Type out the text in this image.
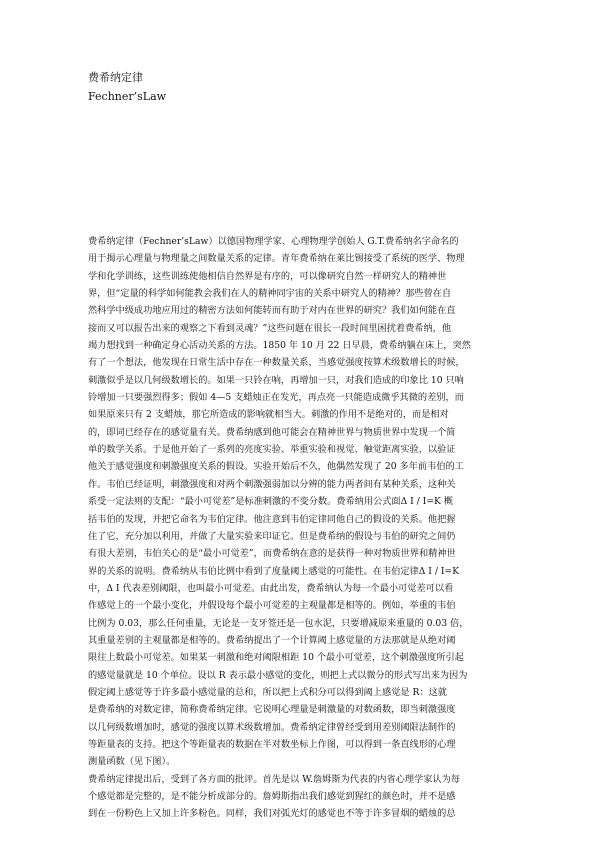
费希纳定律
Fechner’sLaw
费希纳定律（Fechner’sLaw）以德国物理学家、心理物理学创始人 G.T.费希纳名字命名的
用于揭示心理量与物理量之间数量关系的定律。青年费希纳在莱比锡接受了系统的医学、物理
学和化学训练，这些训练使他相信自然界是有序的，可以像研究自然一样研究人的精神世
界，但“定量的科学如何能教会我们在人的精神同宇宙的关系中研究人的精神？那些曾在自
然科学中级成功地应用过的精密方法如何能转而有助于对内在世界的研究？我们如何能在直
接而又可以报告出来的观察之下看到灵魂？”这些问题在很长一段时间里困扰着费希纳，他
竭力想找到一种确定身心活动关系的方法。1850 年 10 月 22 日早晨，费希纳躺在床上，突然
有了一个想法，他发现在日常生活中存在一种数量关系，当感觉强度按算术级数增长的时候，
刺激似乎是以几何级数增长的。如果一只铃在响，再增加一只，对我们造成的印象比 10 只响
铃增加一只要强烈得多；假如 4—5 支蜡烛正在发光，再点亮一只能造成微乎其微的差别，而
如果原来只有 2 支蜡烛，那它所造成的影响就相当大。刺激的作用不是绝对的，而是相对
的，即词已经存在的感觉量有关。费希纳感到他可能会在精神世界与物质世界中发现一个简
单的数学关系。于是他开始了一系列的亮度实验、举重实验和视觉、触觉距离实验，以验证
他关于感觉强度和刺激强度关系的假设。实验开始后不久，他偶然发现了 20 多年前韦伯的工
作。韦伯已经证明，刺激强度和对两个刺激强弱加以分辨的能力两者间有某种关系，这种关
系受一定法则的支配：“最小可觉差”是标准刺激的不变分数。费希纳用公式面Δ I / I=K 概
括韦伯的发现，并把它命名为韦伯定律。他注意到韦伯定律同他自己的假设的关系。他把握
住了它，充分加以利用，并做了大量实验来印证它。但是费希纳的假设与韦伯的研究之间仍
有很大差别，韦伯关心的是“最小可觉差”，而费希纳在意的是获得一种对物质世界和精神世
界的关系的说明。费希纳从韦伯比例中看到了度量阈上感觉的可能性。在韦伯定律Δ I / I=K
中，Δ I 代表差别阈限，也叫最小可觉差。由此出发，费希纳认为每一个最小可觉差可以看
作感觉上的一个最小变化，并假设每个最小可觉差的主观量都是相等的。例如，举重的韦伯
比例为 0.03，那么任何重量，无论是一支牙签还是一包水泥，只要增减原来重量的 0.03 倍，
其重量差别的主观量都是相等的。费希纳提出了一个计算阈上感觉量的方法那就是从绝对阈
限往上数最小可觉差。如果某一刺激和绝对阈限相距 10 个最小可觉差，这个刺激强度所引起
的感觉量就是 10 个单位。设以 R 表示最小感觉的变化，则把上式以微分的形式写出来为因为
假定阈上感觉等于许多最小感觉量的总和，所以把上式积分可以得到阈上感觉是 R：这就
是费希纳的对数定律，简称费希纳定律。它说明心理量是刺激量的对数函数，即当刺激强度
以几何级数增加时，感觉的强度以算术级数增加。费希纳定律曾经受到用差别阈限法制作的
等距量表的支持。把这个等距量表的数据在半对数坐标上作图，可以得到一条直线形的心理
测量函数（见下图）。
费希纳定律提出后，受到了各方面的批评。首先是以 W.詹姆斯为代表的内省心理学家认为每
个感觉都是完整的，是不能分析成部分的。詹姆斯指出我们感觉到猩红的颜色时，并不是感
到在一份粉色上又加上许多粉色。同样，我们对弧光灯的感觉也不等于许多冒烟的蜡烛的总
